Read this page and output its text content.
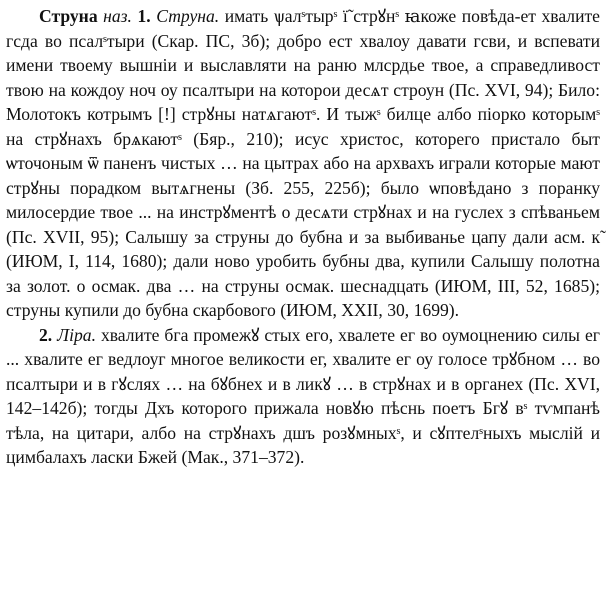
Струна наз. 1. Струна. имать ѱалˢтырˢ ї̃ стрꙋнˢ ꙗкоже повѣда-ет хвалите гсда во псалˢтыри (Скар. ПС, 3б); добро ест хвалоу давати гсви, и вспевати имени твоему вышніи и выславляти на раню млсрдье твое, а справедливост твою на кождоу ноч оу псалтыри на которои десѧт строун (Пс. XVI, 94); Било: Молотокъ котрымъ [!] стрꙋны натѧгаютˢ. И тыжˢ билце албо піорко которымˢ на стрꙋнахъ брѧкаютˢ (Бяр., 210); исус христос, которего пристало быт ѡточоным ѿ паненъ чистых … на цытрах або на архвахъ играли которые мают стрꙋны порадком вытѧгнены (Зб. 255, 225б); было ѡповѣдано з поранку милосердие твое ... на инстрꙋментѣ о десѧти стрꙋнах и на гуслех з спѣваньем (Пс. XVII, 95); Салышу за струны до бубна и за выбиванье цапу дали асм. к̃ (ИЮМ, I, 114, 1680); дали ново уробить бубны два, купили Салышу полотна за золот. о осмак. два … на струны осмак. шеснадцать (ИЮМ, III, 52, 1685); струны купили до бубна скарбового (ИЮМ, XXII, 30, 1699).

2. Ліра. хвалите бга промежꙋ стых его, хвалете ег во оумоцнению силы ег ... хвалите ег ведлоуг многое великости ег, хвалите ег оу голосе трꙋбном … во псалтыри и в гꙋслях … на бꙋбнех и в ликꙋ … в стрꙋнах и в органех (Пс. XVI, 142–142б); тогды Дхъ которого прижала новꙋю пѣснь поетъ Бгꙋ вˢ тѵмпанѣ тѣла, на цитари, албо на стрꙋнахъ дшъ розꙋмныхˢ, и сꙋптелˢныхъ мыслій и цимбалахъ ласки Бжей (Мак., 371–372).
